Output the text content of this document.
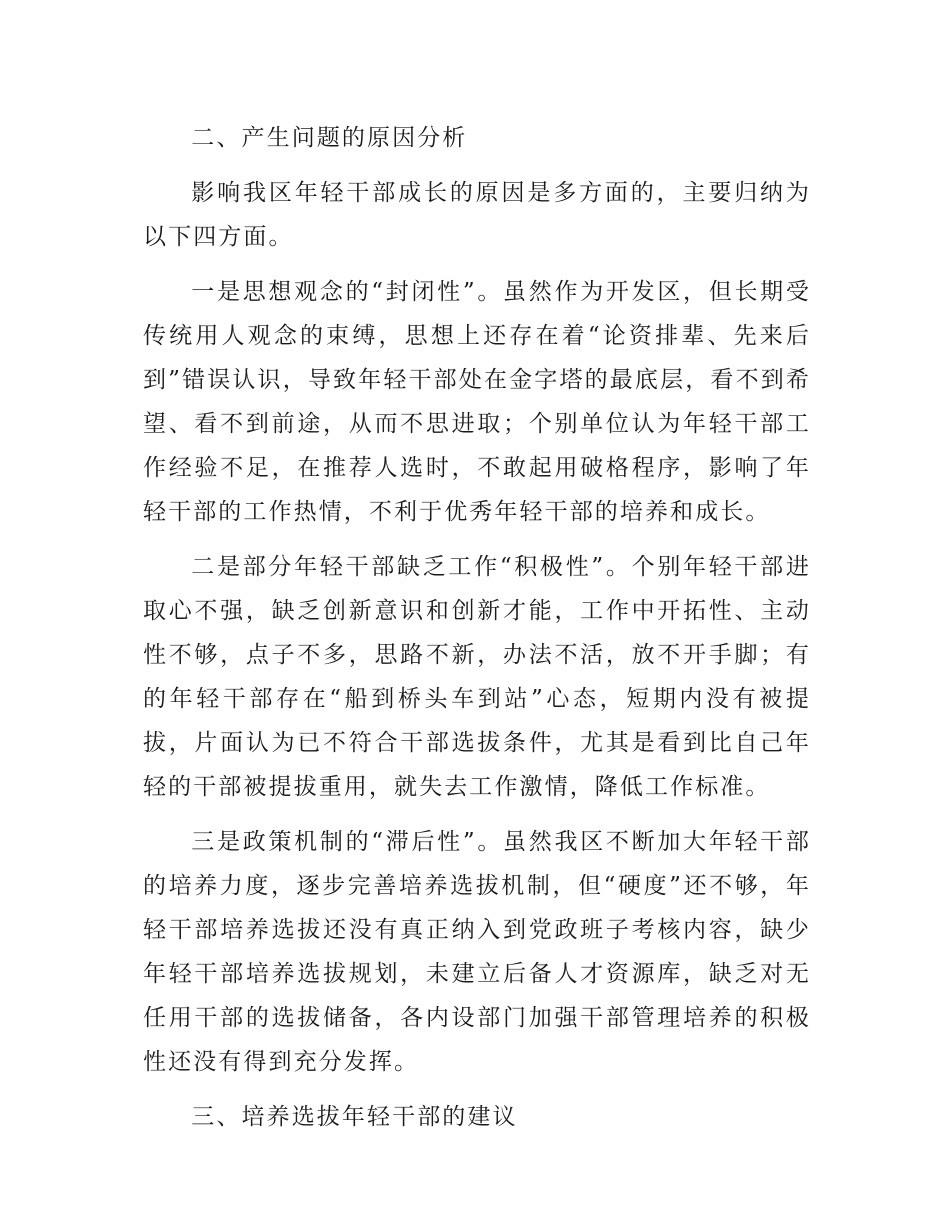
二、产生问题的原因分析

影响我区年轻干部成长的原因是多方面的，主要归纳为以下四方面。

一是思想观念的“封闭性”。虽然作为开发区，但长期受传统用人观念的束缚，思想上还存在着“论资排辈、先来后到”错误认识，导致年轻干部处在金字塔的最底层，看不到希望、看不到前途，从而不思进取；个别单位认为年轻干部工作经验不足，在推荐人选时，不敢起用破格程序，影响了年轻干部的工作热情，不利于优秀年轻干部的培养和成长。

二是部分年轻干部缺乏工作“积极性”。个别年轻干部进取心不强，缺乏创新意识和创新才能，工作中开拓性、主动性不够，点子不多，思路不新，办法不活，放不开手脚；有的年轻干部存在“船到桥头车到站”心态，短期内没有被提拔，片面认为已不符合干部选拔条件，尤其是看到比自己年轻的干部被提拔重用，就失去工作激情，降低工作标准。

三是政策机制的“滞后性”。虽然我区不断加大年轻干部的培养力度，逐步完善培养选拔机制，但“硬度”还不够，年轻干部培养选拔还没有真正纳入到党政班子考核内容，缺少年轻干部培养选拔规划，未建立后备人才资源库，缺乏对无任用干部的选拔储备，各内设部门加强干部管理培养的积极性还没有得到充分发挥。

三、培养选拔年轻干部的建议
